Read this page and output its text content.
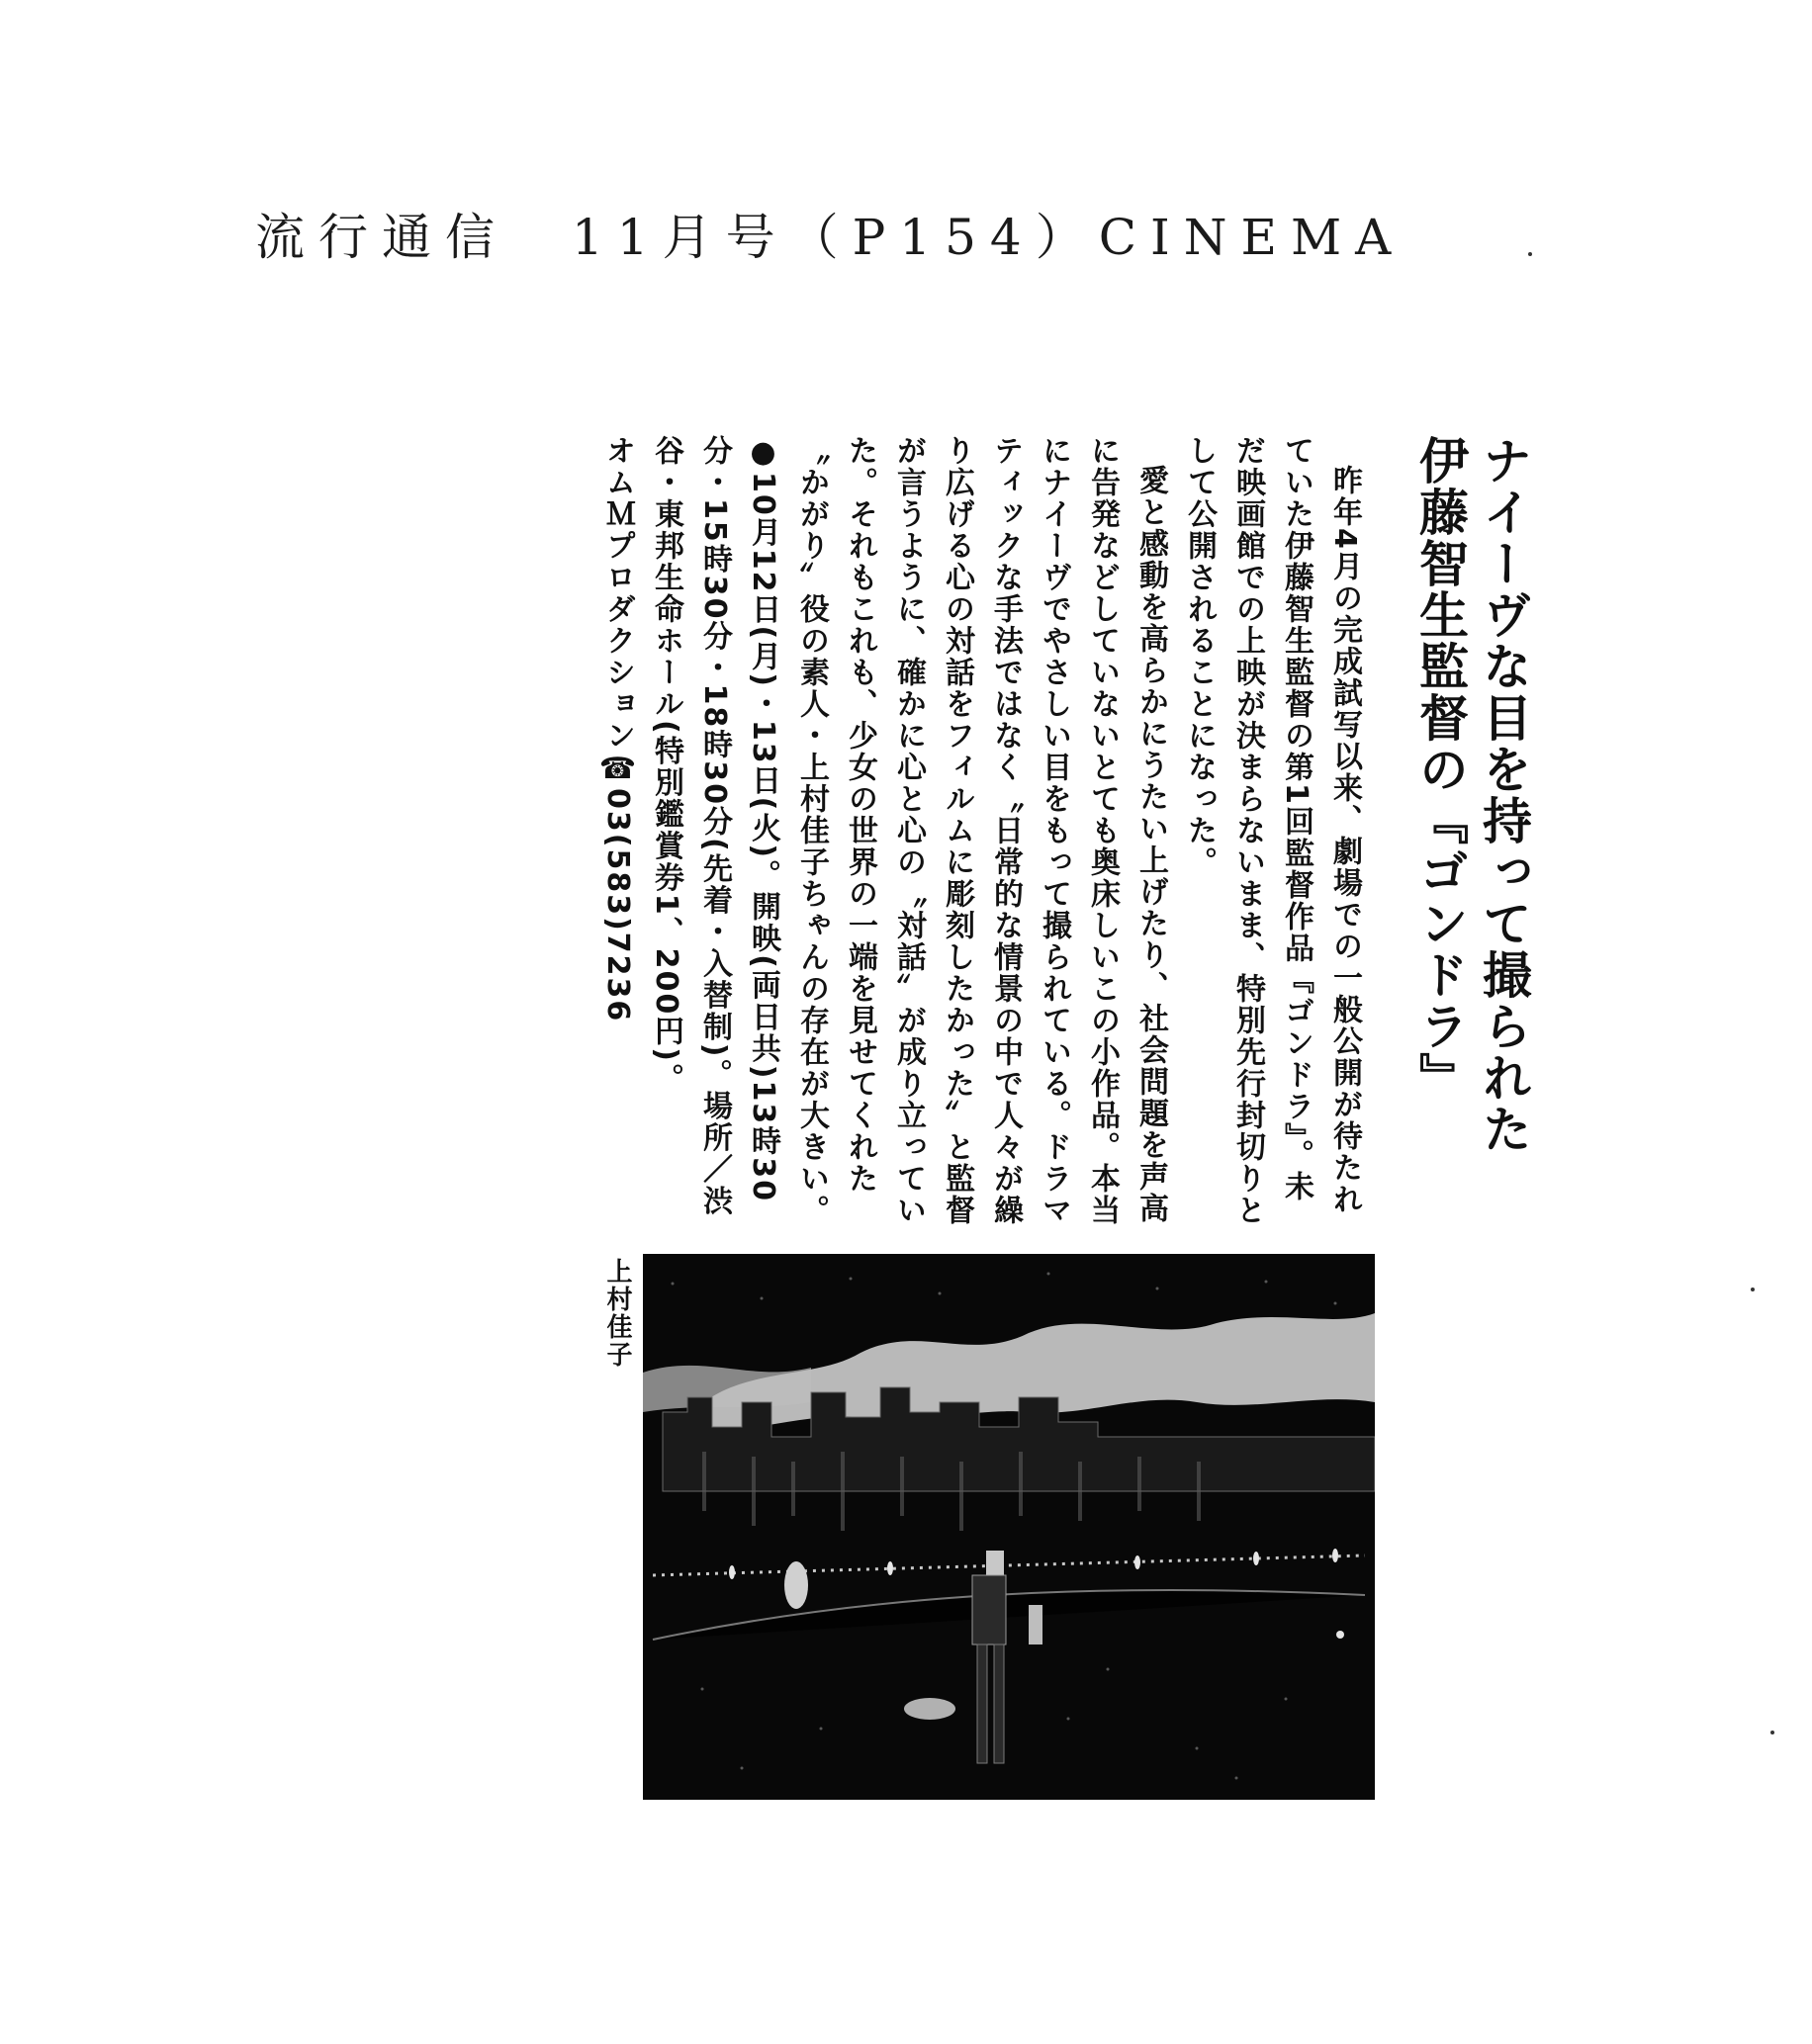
流行通信　11月号（P154）CINEMA
ナイーヴな目を持って撮られた
伊藤智生監督の『ゴンドラ』

昨年4月の完成試写以来、劇場での一般公開が待たれていた伊藤智生監督の第1回監督作品『ゴンドラ』。未だ映画館での上映が決まらないまま、特別先行封切りとして公開されることになった。

愛と感動を高らかにうたい上げたり、社会問題を声高に告発などしていないとても奥床しいこの小作品。本当にナイーヴでやさしい目をもって撮られている。ドラマティックな手法ではなく〝日常的な情景の中で人々が繰り広げる心の対話をフィルムに彫刻したかった〟と監督が言うように、確かに心と心の〝対話〟が成り立っていた。それもこれも、少女の世界の一端を見せてくれた〝かがり〟役の素人・上村佳子ちゃんの存在が大きい。

●10月12日(月)・13日(火)。開映(両日共)13時30分・15時30分・18時30分(先着・入替制)。場所／渋谷・東邦生命ホール(特別鑑賞券1、200円)。

オムＭプロダクション☎03(583)7236

上村佳子
